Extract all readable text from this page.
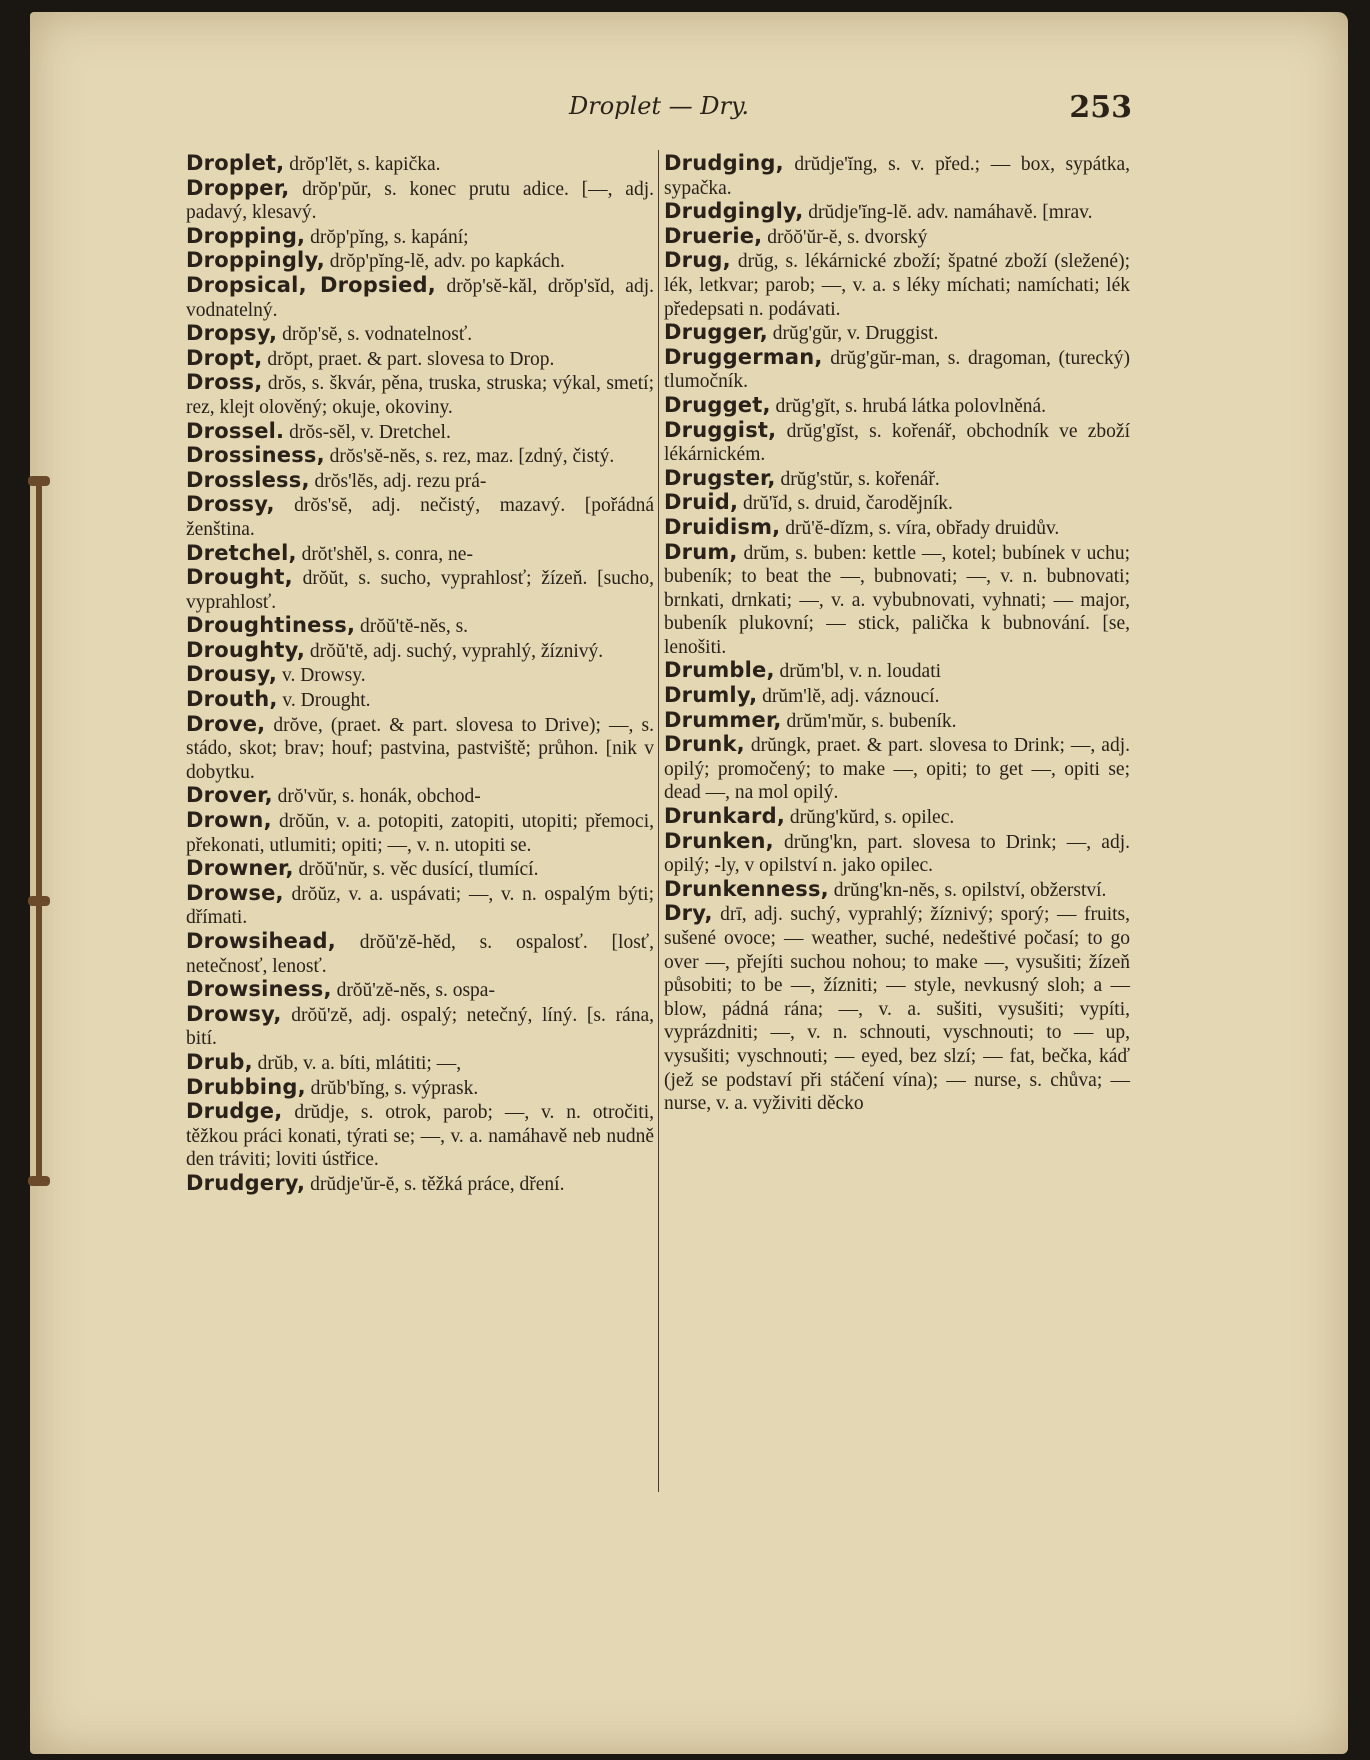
Droplet — Dry.	253

Droplet, drŏp'lĕt, s. kapička.

Dropper, drŏp'pŭr, s. konec prutu adice. [—, adj. padavý, klesavý.

Dropping, drŏp'pĭng, s. kapání;

Droppingly, drŏp'pĭng-lĕ, adv. po kapkách.

Dropsical, Dropsied, drŏp'sĕ-kăl, drŏp'sĭd, adj. vodnatelný.

Dropsy, drŏp'sĕ, s. vodnatelnosť.

Dropt, drŏpt, praet. & part. slovesa to Drop.

Dross, drŏs, s. škvár, pěna, truska, struska; výkal, smetí; rez, klejt olověný; okuje, okoviny.

Drossel. drŏs-sĕl, v. Dretchel.

Drossiness, drŏs'sĕ-nĕs, s. rez, maz. [zdný, čistý.

Drossless, drŏs'lĕs, adj. rezu prá-

Drossy, drŏs'sĕ, adj. nečistý, mazavý. [pořádná ženština.

Dretchel, drŏt'shĕl, s. conra, ne-

Drought, drŏŭt, s. sucho, vyprahlosť; žízeň. [sucho, vyprahlosť.

Droughtiness, drŏŭ'tĕ-nĕs, s.

Droughty, drŏŭ'tĕ, adj. suchý, vyprahlý, žíznivý.

Drousy, v. Drowsy.

Drouth, v. Drought.

Drove, drŏve, (praet. & part. slovesa to Drive); —, s. stádo, skot; brav; houf; pastvina, pastviště; průhon. [nik v dobytku.

Drover, drŏ'vŭr, s. honák, obchod-

Drown, drŏŭn, v. a. potopiti, zatopiti, utopiti; přemoci, překonati, utlumiti; opiti; —, v. n. utopiti se.

Drowner, drŏŭ'nŭr, s. věc dusící, tlumící.

Drowse, drŏŭz, v. a. uspávati; —, v. n. ospalým býti; dřímati.

Drowsihead, drŏŭ'zĕ-hĕd, s. ospalosť. [losť, netečnosť, lenosť.

Drowsiness, drŏŭ'zĕ-nĕs, s. ospa-

Drowsy, drŏŭ'zĕ, adj. ospalý; netečný, líný. [s. rána, bití.

Drub, drŭb, v. a. bíti, mlátiti; —,

Drubbing, drŭb'bĭng, s. výprask.

Drudge, drŭdje, s. otrok, parob; —, v. n. otročiti, těžkou práci konati, týrati se; —, v. a. namáhavě neb nudně den tráviti; loviti ústřice.

Drudgery, drŭdje'ŭr-ĕ, s. těžká práce, dření.

Drudging, drŭdje'ĭng, s. v. před.; — box, sypátka, sypačka.

Drudgingly, drŭdje'ĭng-lĕ. adv. namáhavě. [mrav.

Druerie, drŏŏ'ŭr-ĕ, s. dvorský

Drug, drŭg, s. lékárnické zboží; špatné zboží (sležené); lék, letkvar; parob; —, v. a. s léky míchati; namíchati; lék předepsati n. podávati.

Drugger, drŭg'gŭr, v. Druggist.

Druggerman, drŭg'gŭr-man, s. dragoman, (turecký) tlumočník.

Drugget, drŭg'gĭt, s. hrubá látka polovlněná.

Druggist, drŭg'gĭst, s. kořenář, obchodník ve zboží lékárnickém.

Drugster, drŭg'stŭr, s. kořenář.

Druid, drŭ'ĭd, s. druid, čarodějník.

Druidism, drŭ'ĕ-dĭzm, s. víra, obřady druidův.

Drum, drŭm, s. buben: kettle —, kotel; bubínek v uchu; bubeník; to beat the —, bubnovati; —, v. n. bubnovati; brnkati, drnkati; —, v. a. vybubnovati, vyhnati; — major, bubeník plukovní; — stick, palička k bubnování. [se, lenošiti.

Drumble, drŭm'bl, v. n. loudati

Drumly, drŭm'lĕ, adj. váznoucí.

Drummer, drŭm'mŭr, s. bubeník.

Drunk, drŭngk, praet. & part. slovesa to Drink; —, adj. opilý; promočený; to make —, opiti; to get —, opiti se; dead —, na mol opilý.

Drunkard, drŭng'kŭrd, s. opilec.

Drunken, drŭng'kn, part. slovesa to Drink; —, adj. opilý; -ly, v opilství n. jako opilec.

Drunkenness, drŭng'kn-nĕs, s. opilství, obžerství.

Dry, drī, adj. suchý, vyprahlý; žíznivý; sporý; — fruits, sušené ovoce; — weather, suché, nedeštivé počasí; to go over —, přejíti suchou nohou; to make —, vysušiti; žízeň působiti; to be —, žízniti; — style, nevkusný sloh; a — blow, pádná rána; —, v. a. sušiti, vysušiti; vypíti, vyprázdniti; —, v. n. schnouti, vyschnouti; to — up, vysušiti; vyschnouti; — eyed, bez slzí; — fat, bečka, káď (jež se podstaví při stáčení vína); — nurse, s. chůva; — nurse, v. a. vyživiti děcko
